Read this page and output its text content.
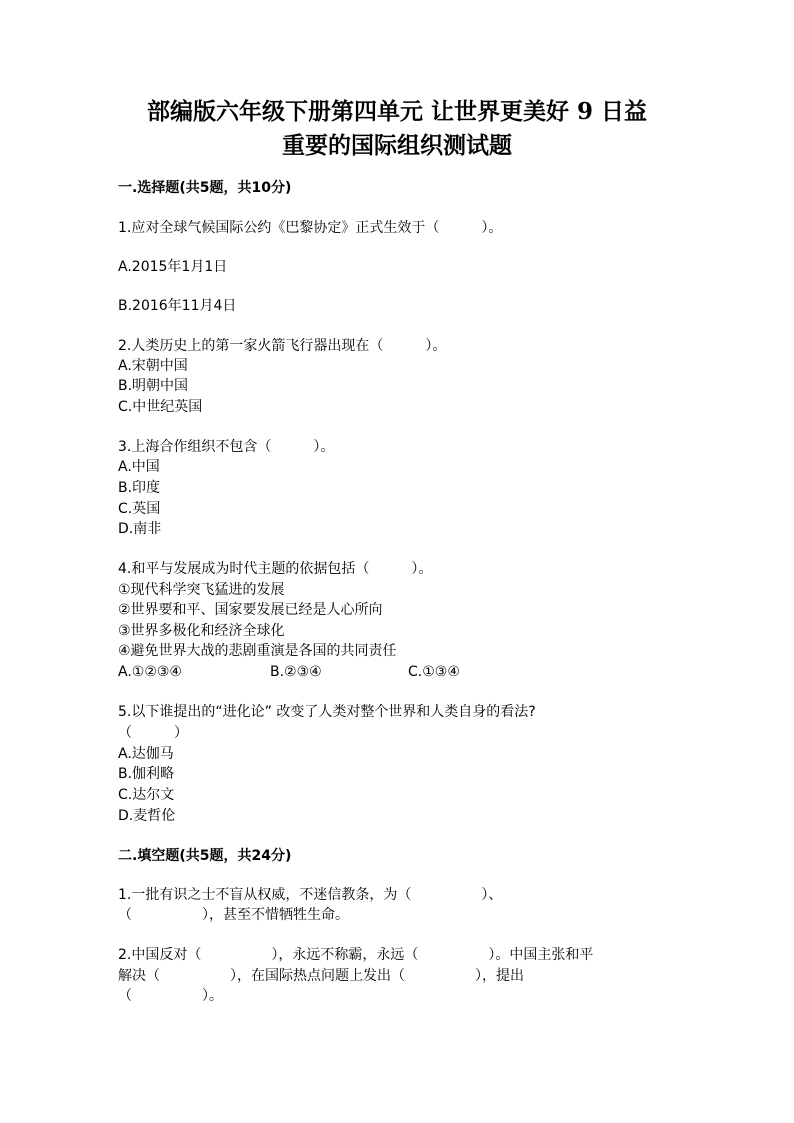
部编版六年级下册第四单元 让世界更美好 9 日益
重要的国际组织测试题
一.选择题(共5题，共10分)
1.应对全球气候国际公约《巴黎协定》正式生效于（　　　）。
A.2015年1月1日
B.2016年11月4日
2.人类历史上的第一家火箭飞行器出现在（　　　）。
A.宋朝中国
B.明朝中国
C.中世纪英国
3.上海合作组织不包含（　　　）。
A.中国
B.印度
C.英国
D.南非
4.和平与发展成为时代主题的依据包括（　　　）。
①现代科学突飞猛进的发展
②世界要和平、国家要发展已经是人心所向
③世界多极化和经济全球化
④避免世界大战的悲剧重演是各国的共同责任
A.①②③④	B.②③④	C.①③④
5.以下谁提出的“进化论” 改变了人类对整个世界和人类自身的看法?
（　　　）
A.达伽马
B.伽利略
C.达尔文
D.麦哲伦
二.填空题(共5题，共24分)
1.一批有识之士不盲从权威，不迷信教条，为（　　　　　）、
（　　　　　），甚至不惜牺牲生命。
2.中国反对（　　　　　），永远不称霸，永远（　　　　　）。中国主张和平
解决（　　　　　），在国际热点问题上发出（　　　　　），提出
（　　　　　）。
